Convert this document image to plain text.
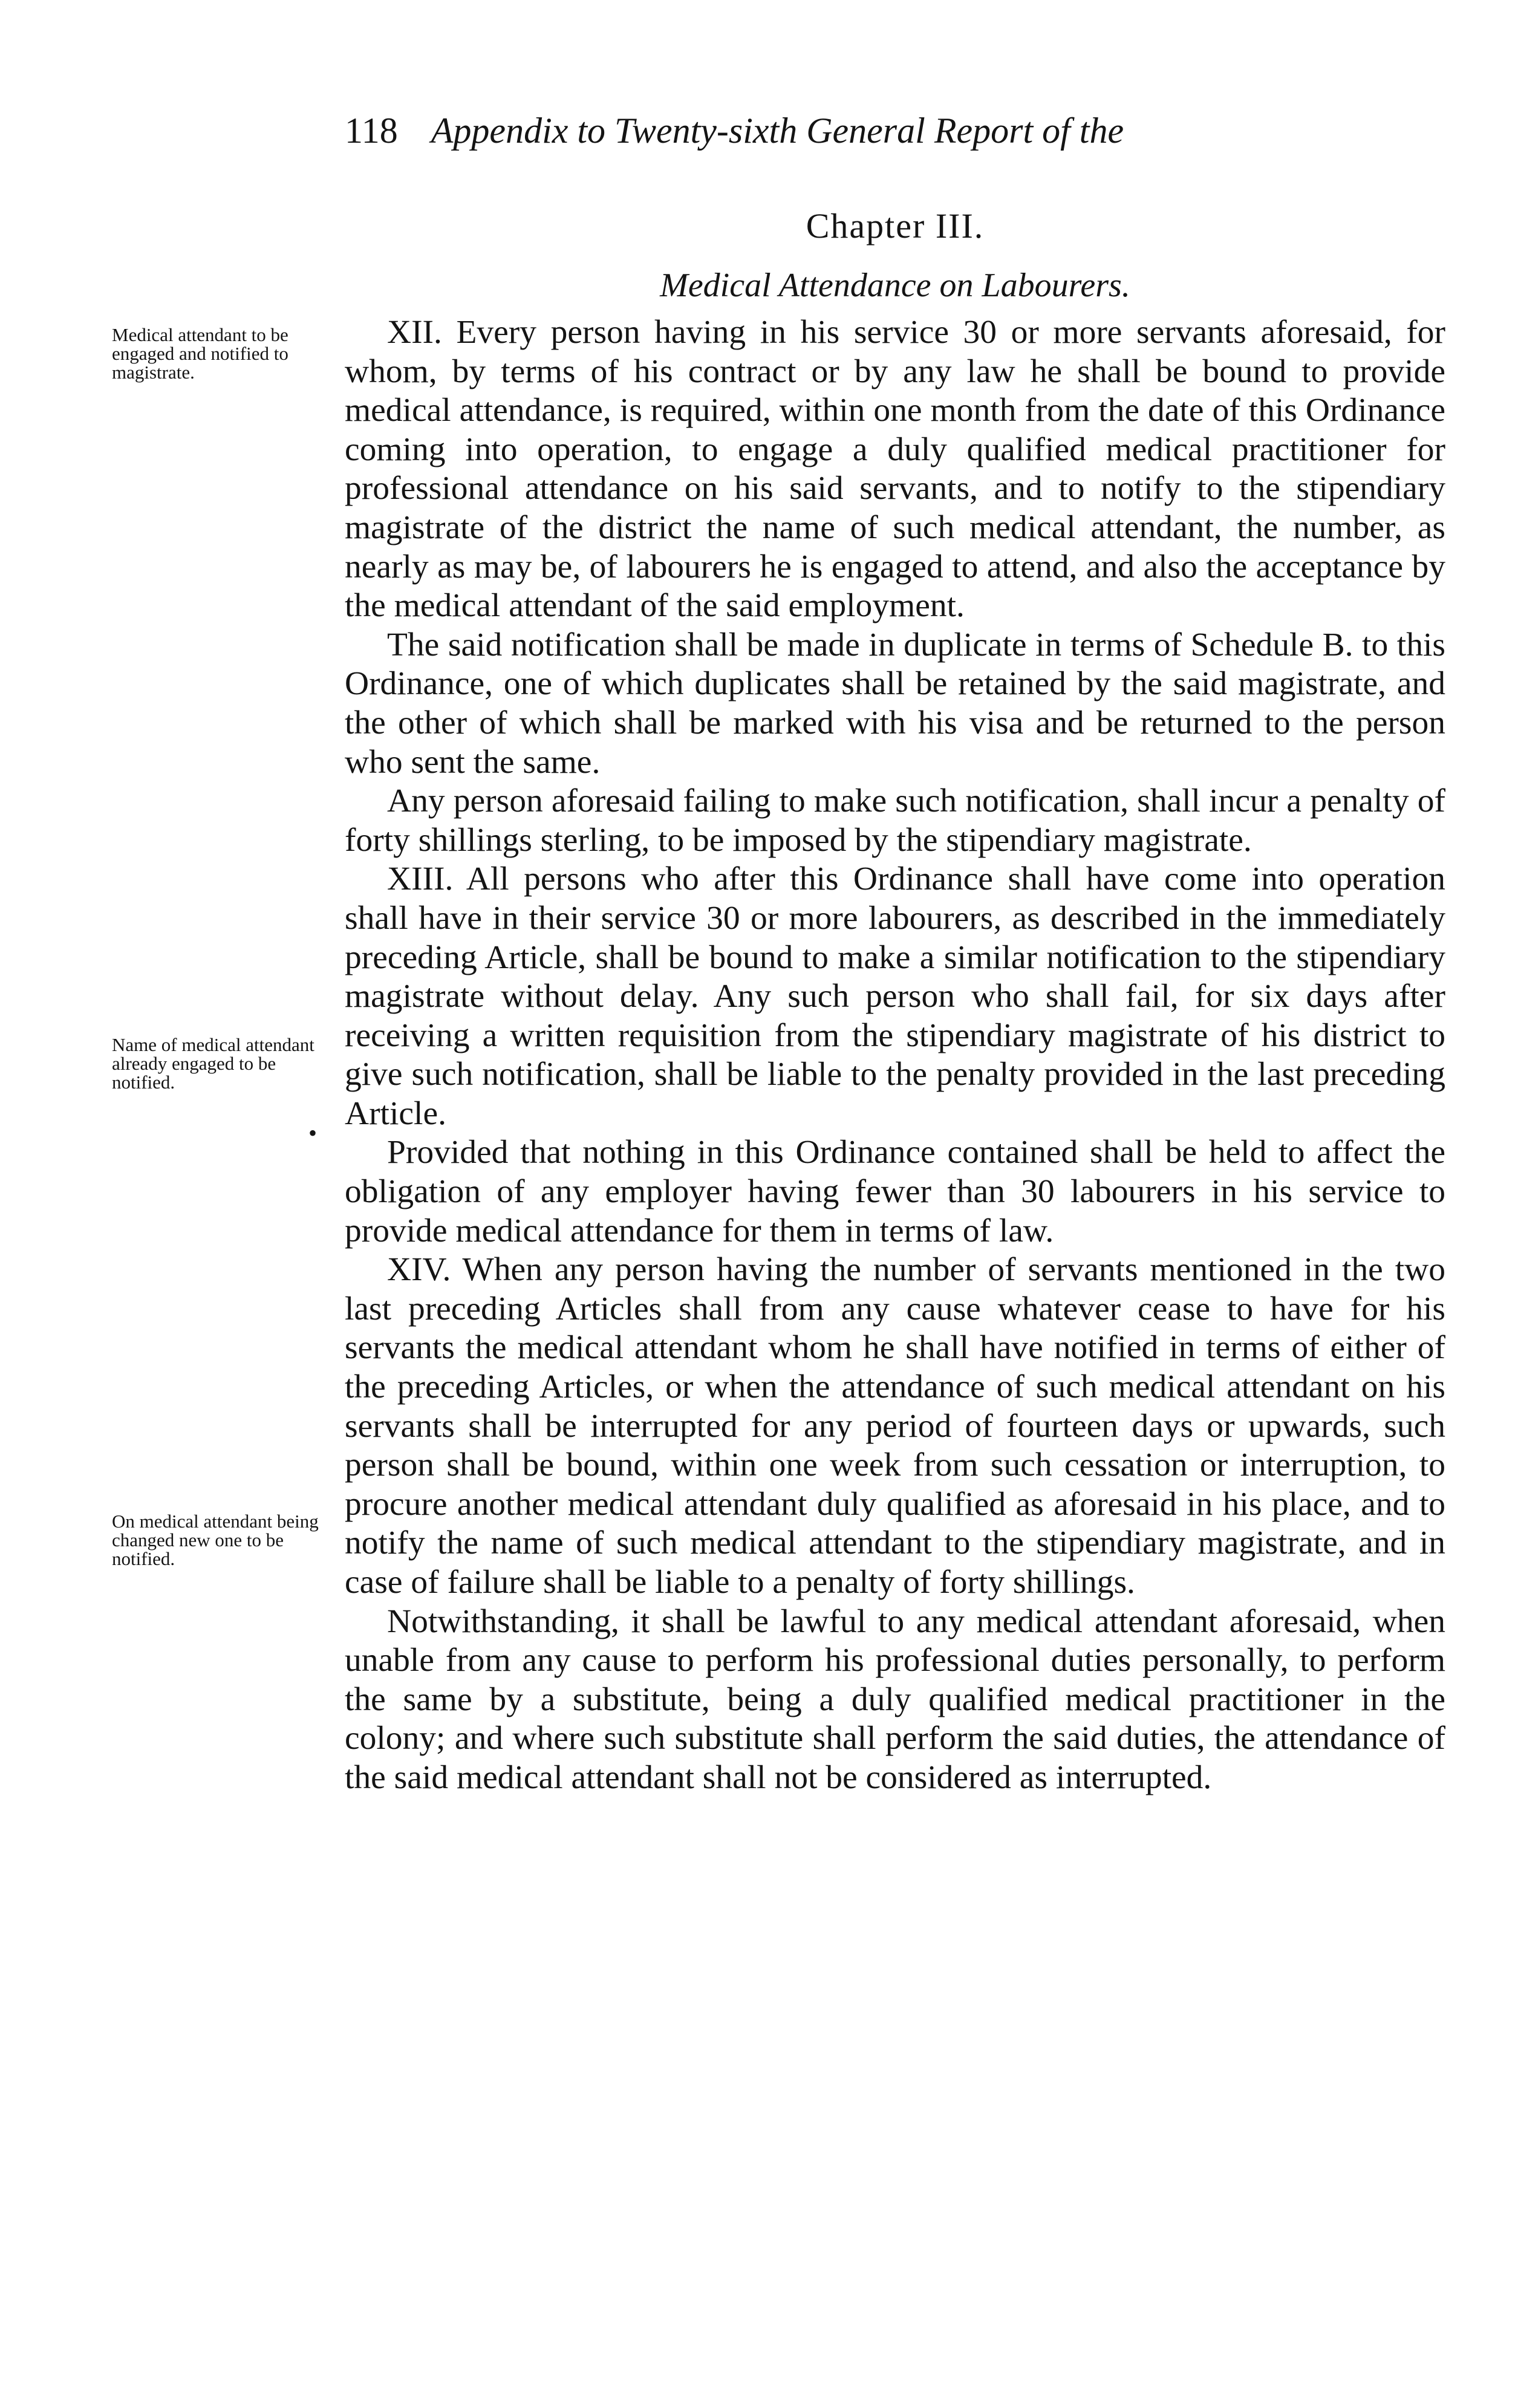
118 Appendix to Twenty-sixth General Report of the
Chapter III.
Medical Attendance on Labourers.
Medical attendant to be engaged and notified to magistrate.
Name of medical attendant already engaged to be notified.
On medical attendant being changed new one to be notified.
•

XII. Every person having in his service 30 or more servants aforesaid, for whom, by terms of his contract or by any law he shall be bound to provide medical attendance, is required, within one month from the date of this Ordinance coming into operation, to engage a duly qualified medical practitioner for professional attendance on his said servants, and to notify to the stipendiary magistrate of the district the name of such medical attendant, the number, as nearly as may be, of labourers he is engaged to attend, and also the acceptance by the medical attendant of the said employment.

The said notification shall be made in duplicate in terms of Schedule B. to this Ordinance, one of which duplicates shall be retained by the said magistrate, and the other of which shall be marked with his visa and be returned to the person who sent the same.

Any person aforesaid failing to make such notification, shall incur a penalty of forty shillings sterling, to be imposed by the stipendiary magistrate.

XIII. All persons who after this Ordinance shall have come into operation shall have in their service 30 or more labourers, as described in the immediately preceding Article, shall be bound to make a similar notification to the stipendiary magistrate without delay. Any such person who shall fail, for six days after receiving a written requisition from the stipendiary magistrate of his district to give such notification, shall be liable to the penalty provided in the last preceding Article.

Provided that nothing in this Ordinance contained shall be held to affect the obligation of any employer having fewer than 30 labourers in his service to provide medical attendance for them in terms of law.

XIV. When any person having the number of servants mentioned in the two last preceding Articles shall from any cause whatever cease to have for his servants the medical attendant whom he shall have notified in terms of either of the preceding Articles, or when the attendance of such medical attendant on his servants shall be interrupted for any period of fourteen days or upwards, such person shall be bound, within one week from such cessation or interruption, to procure another medical attendant duly qualified as aforesaid in his place, and to notify the name of such medical attendant to the stipendiary magistrate, and in case of failure shall be liable to a penalty of forty shillings.

Notwithstanding, it shall be lawful to any medical attendant aforesaid, when unable from any cause to perform his professional duties personally, to perform the same by a substitute, being a duly qualified medical practitioner in the colony; and where such substitute shall perform the said duties, the attendance of the said medical attendant shall not be considered as interrupted.
